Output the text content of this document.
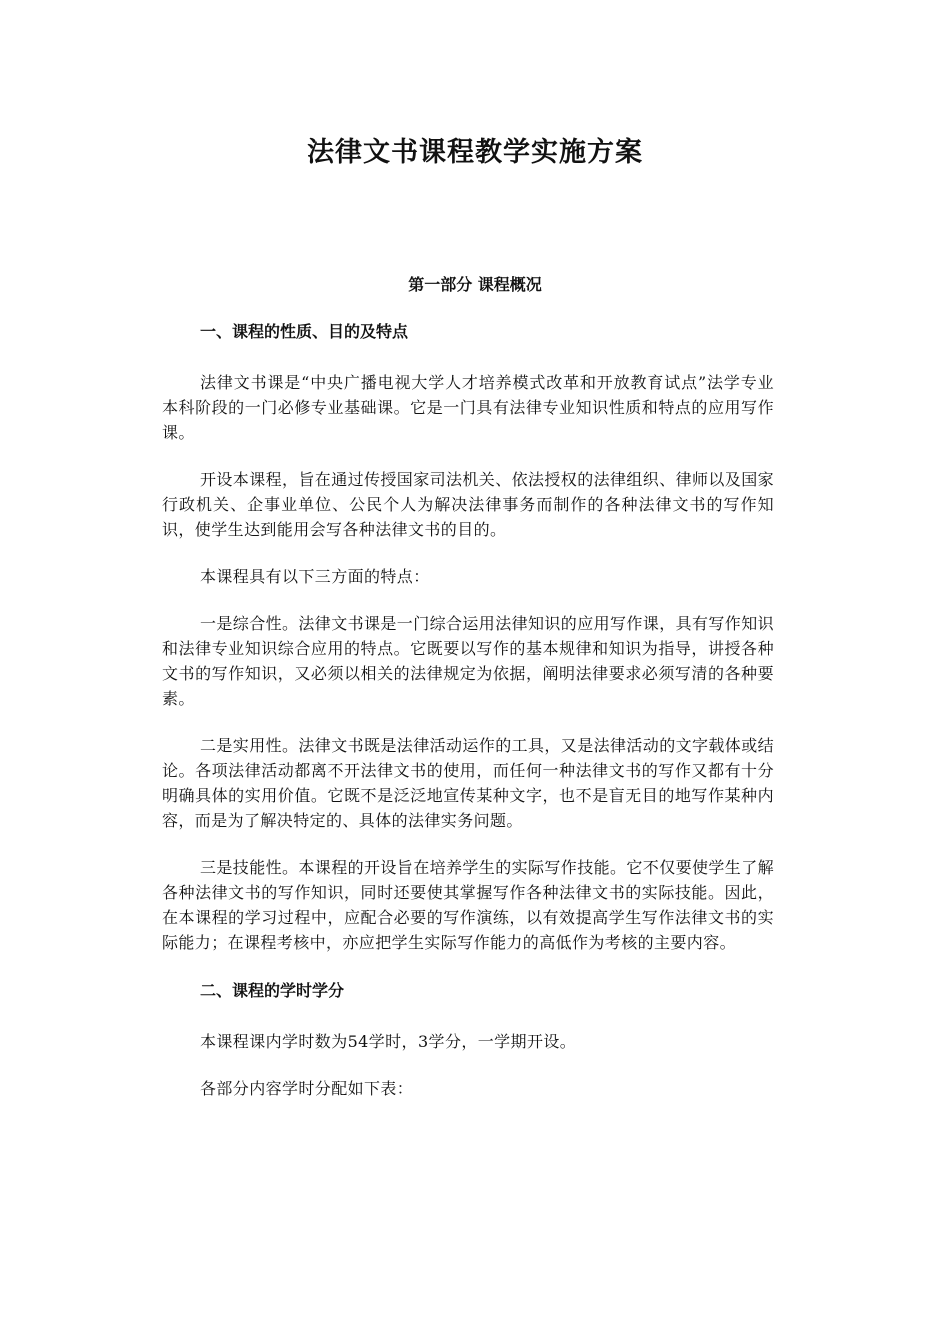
法律文书课程教学实施方案
第一部分 课程概况
一、课程的性质、目的及特点

法律文书课是“中央广播电视大学人才培养模式改革和开放教育试点”法学专业本科阶段的一门必修专业基础课。它是一门具有法律专业知识性质和特点的应用写作课。

开设本课程，旨在通过传授国家司法机关、依法授权的法律组织、律师以及国家行政机关、企事业单位、公民个人为解决法律事务而制作的各种法律文书的写作知识，使学生达到能用会写各种法律文书的目的。

本课程具有以下三方面的特点：

一是综合性。法律文书课是一门综合运用法律知识的应用写作课，具有写作知识和法律专业知识综合应用的特点。它既要以写作的基本规律和知识为指导，讲授各种文书的写作知识，又必须以相关的法律规定为依据，阐明法律要求必须写清的各种要素。

二是实用性。法律文书既是法律活动运作的工具，又是法律活动的文字载体或结论。各项法律活动都离不开法律文书的使用，而任何一种法律文书的写作又都有十分明确具体的实用价值。它既不是泛泛地宣传某种文字，也不是盲无目的地写作某种内容，而是为了解决特定的、具体的法律实务问题。

三是技能性。本课程的开设旨在培养学生的实际写作技能。它不仅要使学生了解各种法律文书的写作知识，同时还要使其掌握写作各种法律文书的实际技能。因此，在本课程的学习过程中，应配合必要的写作演练，以有效提高学生写作法律文书的实际能力；在课程考核中，亦应把学生实际写作能力的高低作为考核的主要内容。

二、课程的学时学分

本课程课内学时数为54学时，3学分，一学期开设。

各部分内容学时分配如下表：
